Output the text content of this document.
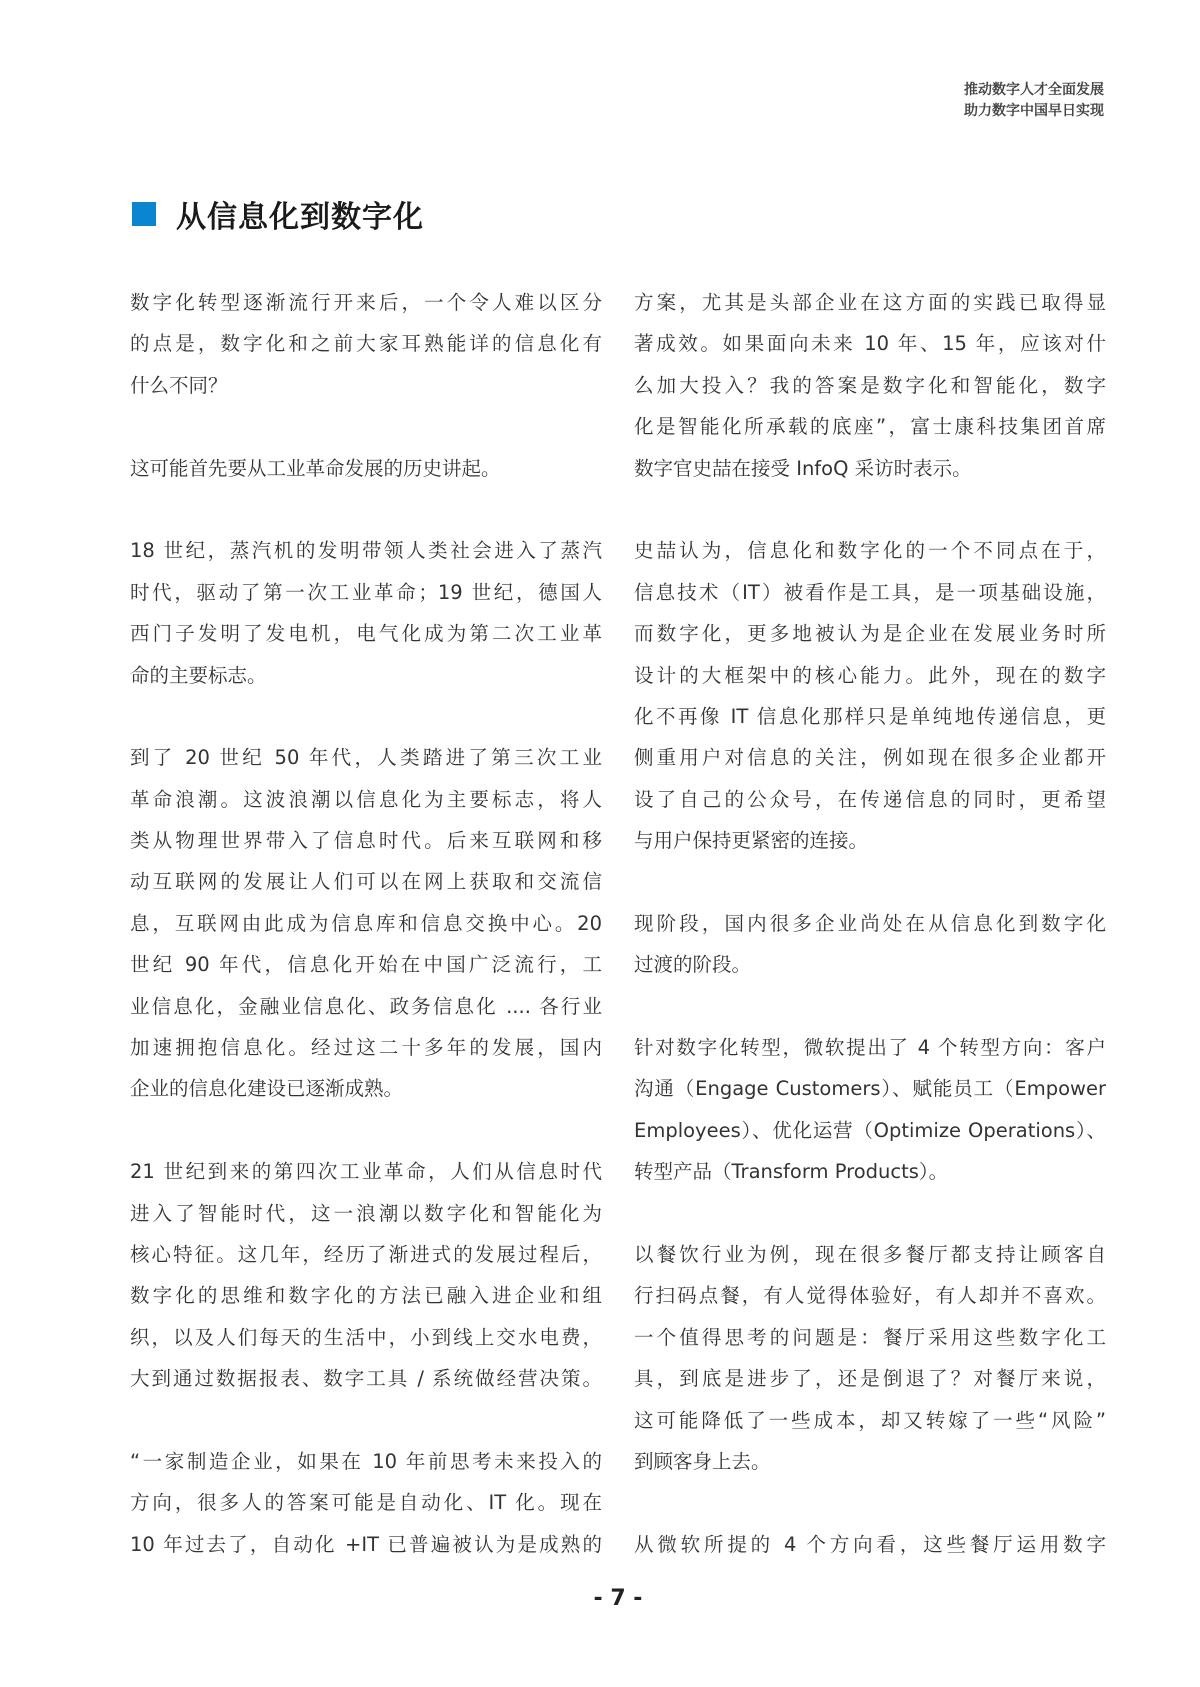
推动数字人才全面发展
助力数字中国早日实现
从信息化到数字化
数字化转型逐渐流行开来后，一个令人难以区分
的点是，数字化和之前大家耳熟能详的信息化有
什么不同？
这可能首先要从工业革命发展的历史讲起。
18 世纪，蒸汽机的发明带领人类社会进入了蒸汽
时代，驱动了第一次工业革命；19 世纪，德国人
西门子发明了发电机，电气化成为第二次工业革
命的主要标志。
到了 20 世纪 50 年代，人类踏进了第三次工业
革命浪潮。这波浪潮以信息化为主要标志，将人
类从物理世界带入了信息时代。后来互联网和移
动互联网的发展让人们可以在网上获取和交流信
息，互联网由此成为信息库和信息交换中心。20
世纪 90 年代，信息化开始在中国广泛流行，工
业信息化，金融业信息化、政务信息化 .... 各行业
加速拥抱信息化。经过这二十多年的发展，国内
企业的信息化建设已逐渐成熟。
21 世纪到来的第四次工业革命，人们从信息时代
进入了智能时代，这一浪潮以数字化和智能化为
核心特征。这几年，经历了渐进式的发展过程后，
数字化的思维和数字化的方法已融入进企业和组
织，以及人们每天的生活中，小到线上交水电费，
大到通过数据报表、数字工具 / 系统做经营决策。
“一家制造企业，如果在 10 年前思考未来投入的
方向，很多人的答案可能是自动化、IT 化。现在
10 年过去了，自动化 +IT 已普遍被认为是成熟的
方案，尤其是头部企业在这方面的实践已取得显
著成效。如果面向未来 10 年、15 年，应该对什
么加大投入？我的答案是数字化和智能化，数字
化是智能化所承载的底座”，富士康科技集团首席
数字官史喆在接受 InfoQ 采访时表示。
史喆认为，信息化和数字化的一个不同点在于，
信息技术（IT）被看作是工具，是一项基础设施，
而数字化，更多地被认为是企业在发展业务时所
设计的大框架中的核心能力。此外，现在的数字
化不再像 IT 信息化那样只是单纯地传递信息，更
侧重用户对信息的关注，例如现在很多企业都开
设了自己的公众号，在传递信息的同时，更希望
与用户保持更紧密的连接。
现阶段，国内很多企业尚处在从信息化到数字化
过渡的阶段。
针对数字化转型，微软提出了 4 个转型方向：客户
沟通（Engage Customers）、赋能员工（Empower
Employees）、优化运营（Optimize Operations）、
转型产品（Transform Products）。
以餐饮行业为例，现在很多餐厅都支持让顾客自
行扫码点餐，有人觉得体验好，有人却并不喜欢。
一个值得思考的问题是：餐厅采用这些数字化工
具，到底是进步了，还是倒退了？对餐厅来说，
这可能降低了一些成本，却又转嫁了一些“风险”
到顾客身上去。
从微软所提的 4 个方向看，这些餐厅运用数字
- 7 -
